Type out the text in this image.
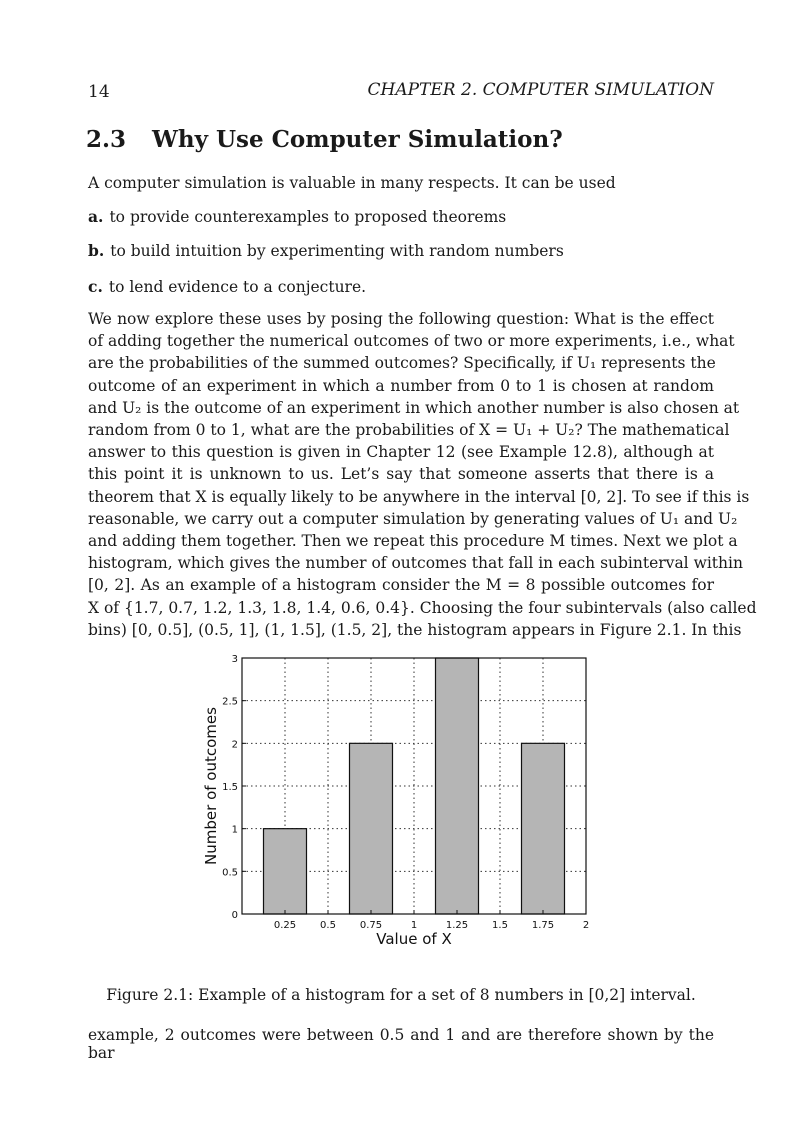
14	CHAPTER 2. COMPUTER SIMULATION
2.3 Why Use Computer Simulation?
A computer simulation is valuable in many respects. It can be used
a. to provide counterexamples to proposed theorems
b. to build intuition by experimenting with random numbers
c. to lend evidence to a conjecture.
We now explore these uses by posing the following question: What is the effect
of adding together the numerical outcomes of two or more experiments, i.e., what
are the probabilities of the summed outcomes? Specifically, if U₁ represents the
outcome of an experiment in which a number from 0 to 1 is chosen at random
and U₂ is the outcome of an experiment in which another number is also chosen at
random from 0 to 1, what are the probabilities of X = U₁ + U₂? The mathematical
answer to this question is given in Chapter 12 (see Example 12.8), although at
this point it is unknown to us. Let’s say that someone asserts that there is a
theorem that X is equally likely to be anywhere in the interval [0, 2]. To see if this is
reasonable, we carry out a computer simulation by generating values of U₁ and U₂
and adding them together. Then we repeat this procedure M times. Next we plot a
histogram, which gives the number of outcomes that fall in each subinterval within
[0, 2]. As an example of a histogram consider the M = 8 possible outcomes for
X of {1.7, 0.7, 1.2, 1.3, 1.8, 1.4, 0.6, 0.4}. Choosing the four subintervals (also called
bins) [0, 0.5], (0.5, 1], (1, 1.5], (1.5, 2], the histogram appears in Figure 2.1. In this
0.25 0.5 0.75	1	1.25 1.5 1.75	2
0
0.5
1
1.5
2
2.5
3
Value of X
Number of outcomes
Figure 2.1: Example of a histogram for a set of 8 numbers in [0,2] interval.
example, 2 outcomes were between 0.5 and 1 and are therefore shown by the bar
